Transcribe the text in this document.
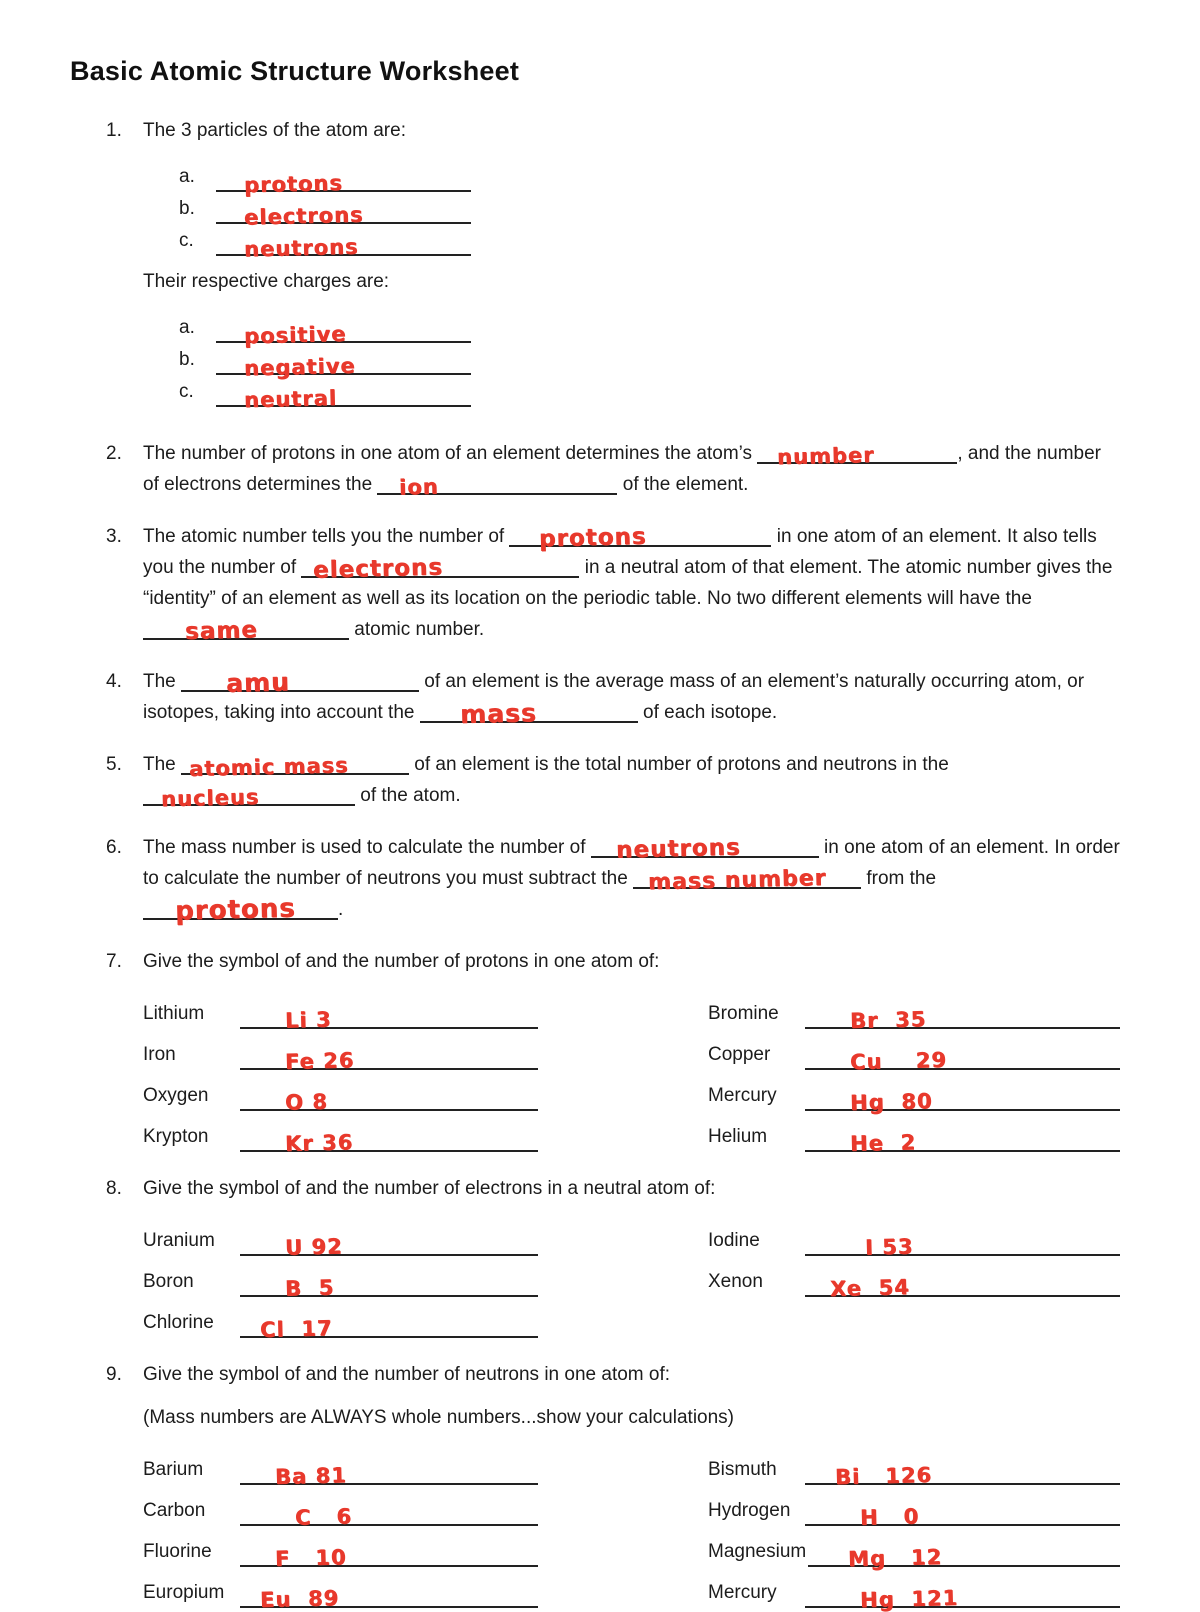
Basic Atomic Structure Worksheet
1.	The 3 particles of the atom are:
a.	protons
b.	electrons
c.	neutrons
Their respective charges are:
a.	positive
b.	negative
c.	neutral
2.	The number of protons in one atom of an element determines the atom’s number	, and the number of electrons determines the ion	of the element.

3.	The atomic number tells you the number of protons	in one atom of an element. It also tells you the number of electrons	in a neutral atom of that element. The atomic number gives the “identity” of an element as well as its location on the periodic table. No two different elements will have the
same	atomic number.

4.	The amu	of an element is the average mass of an element’s naturally occurring atom, or isotopes, taking into account the mass	of each isotope.

5.	The atomic mass	of an element is the total number of protons and neutrons in the
nucleus	of the atom.

6.	The mass number is used to calculate the number of neutrons	in one atom of an element. In order to calculate the number of neutrons you must subtract the mass number from the
protons .

7.	Give the symbol of and the number of protons in one atom of:
Lithium	Li 3
Iron	Fe 26
Oxygen	O 8
Krypton	Kr 36
Bromine	Br  35
Copper	Cu    29
Mercury	Hg  80
Helium	He  2
8.	Give the symbol of and the number of electrons in a neutral atom of:
Uranium	U 92
Boron	B  5
Chlorine	Cl  17
Iodine	I 53
Xenon	Xe  54
9.	Give the symbol of and the number of neutrons in one atom of:
(Mass numbers are ALWAYS whole numbers...show your calculations)
Barium	Ba 81
Carbon	C   6
Fluorine	F   10
Europium	Eu  89
Bismuth	Bi   126
Hydrogen	H   0
Magnesium Mg   12
Mercury	Hg  121
